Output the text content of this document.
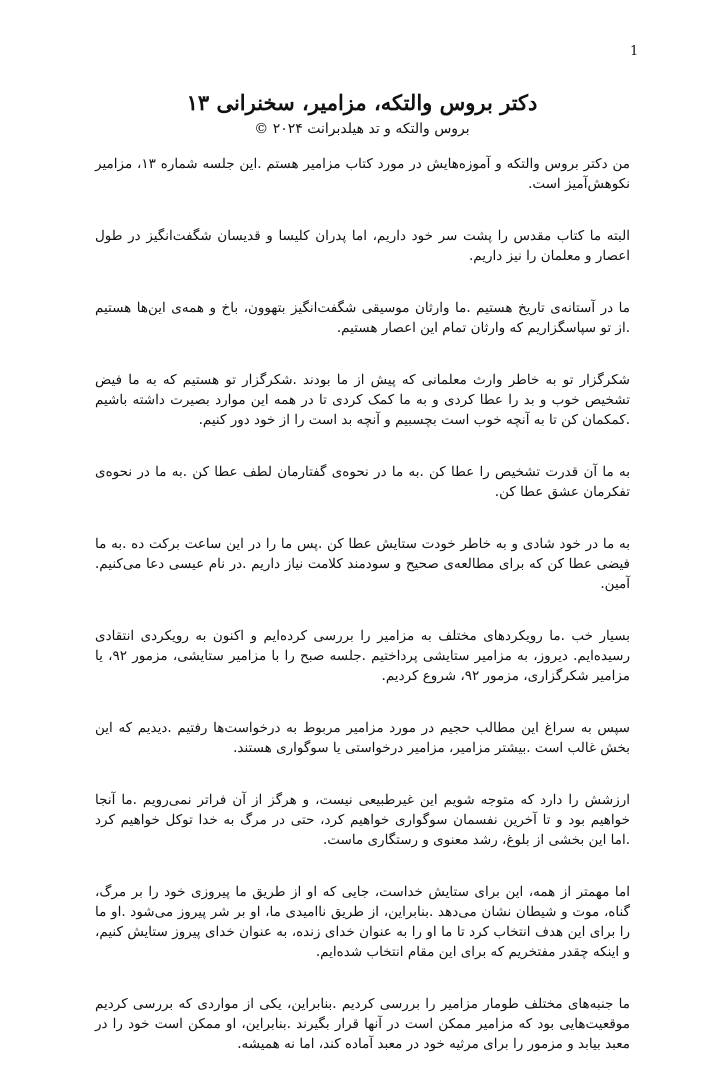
1
دکتر بروس والتکه، مزامیر، سخنرانی ۱۳
بروس والتکه و تد هیلدبرانت ۲۰۲۴ ©

من دکتر بروس والتکه و آموزه‌هایش در مورد کتاب مزامیر هستم .این جلسه شماره ۱۳، مزامیر نکوهش‌آمیز است.

البته ما کتاب مقدس را پشت سر خود داریم، اما پدران کلیسا و قدیسان شگفت‌انگیز در طول اعصار و معلمان را نیز داریم.

ما در آستانه‌ی تاریخ هستیم .ما وارثان موسیقی شگفت‌انگیز بتهوون، باخ و همه‌ی این‌ها هستیم .از تو سپاسگزاریم که وارثان تمام این اعصار هستیم.

شکرگزار تو به خاطر وارث معلمانی که پیش از ما بودند .شکرگزار تو هستیم که به ما فیض تشخیص خوب و بد را عطا کردی و به ما کمک کردی تا در همه این موارد بصیرت داشته باشیم .کمکمان کن تا به آنچه خوب است بچسبیم و آنچه بد است را از خود دور کنیم.

به ما آن قدرت تشخیص را عطا کن .به ما در نحوه‌ی گفتارمان لطف عطا کن .به ما در نحوه‌ی تفکرمان عشق عطا کن.

به ما در خود شادی و به خاطر خودت ستایش عطا کن .پس ما را در این ساعت برکت ده .به ما فیضی عطا کن که برای مطالعه‌ی صحیح و سودمند کلامت نیاز داریم .در نام عیسی دعا می‌کنیم. آمین.

بسیار خب .ما رویکردهای مختلف به مزامیر را بررسی کرده‌ایم و اکنون به رویکردی انتقادی رسیده‌ایم. دیروز، به مزامیر ستایشی پرداختیم .جلسه صبح را با مزامیر ستایشی، مزمور ۹۲، یا مزامیر شکرگزاری، مزمور ۹۲، شروع کردیم.

سپس به سراغ این مطالب حجیم در مورد مزامیر مربوط به درخواست‌ها رفتیم .دیدیم که این بخش غالب است .بیشتر مزامیر، مزامیر درخواستی یا سوگواری هستند.

ارزشش را دارد که متوجه شویم این غیرطبیعی نیست، و هرگز از آن فراتر نمی‌رویم .ما آنجا خواهیم بود و تا آخرین نفسمان سوگواری خواهیم کرد، حتی در مرگ به خدا توکل خواهیم کرد .اما این بخشی از بلوغ، رشد معنوی و رستگاری ماست.

اما مهمتر از همه، این برای ستایش خداست، جایی که او از طریق ما پیروزی خود را بر مرگ، گناه، موت و شیطان نشان می‌دهد .بنابراین، از طریق ناامیدی ما، او بر شر پیروز می‌شود .او ما را برای این هدف انتخاب کرد تا ما او را به عنوان خدای زنده، به عنوان خدای پیروز ستایش کنیم، و اینکه چقدر مفتخریم که برای این مقام انتخاب شده‌ایم.

ما جنبه‌های مختلف طومار مزامیر را بررسی کردیم .بنابراین، یکی از مواردی که بررسی کردیم موقعیت‌هایی بود که مزامیر ممکن است در آنها قرار بگیرند .بنابراین، او ممکن است خود را در معبد بیابد و مزمور را برای مرثیه خود در معبد آماده کند، اما نه همیشه.
